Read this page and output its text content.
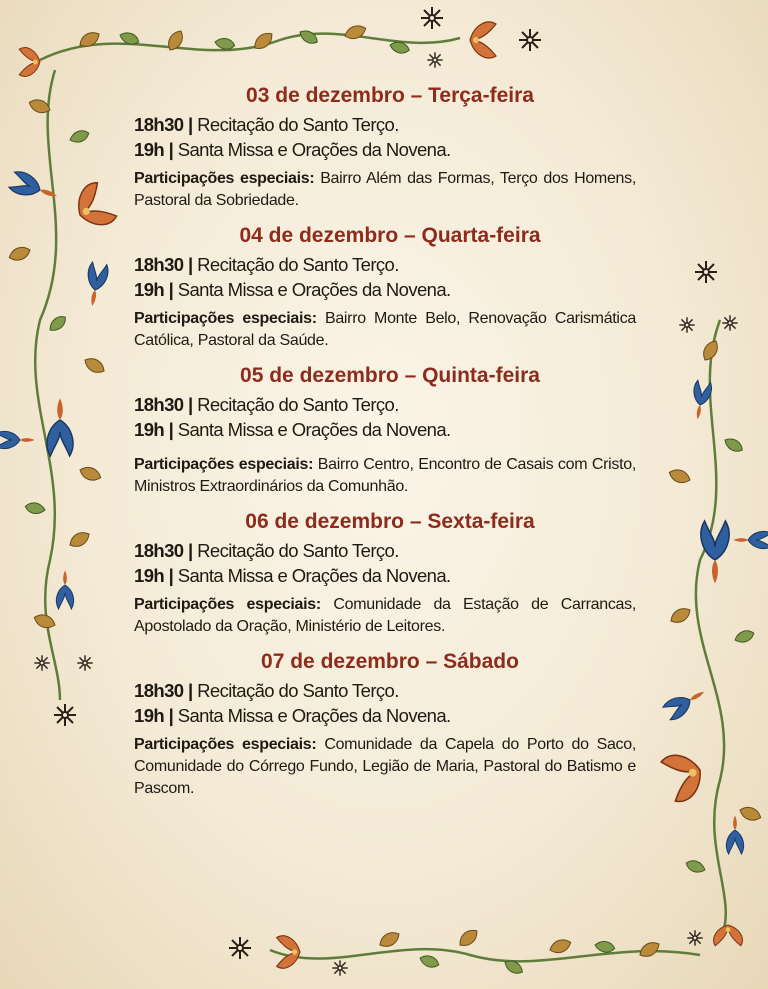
03 de dezembro – Terça-feira
18h30 | Recitação do Santo Terço.
19h | Santa Missa e Orações da Novena.
Participações especiais: Bairro Além das Formas, Terço dos Homens, Pastoral da Sobriedade.
04 de dezembro – Quarta-feira
18h30 | Recitação do Santo Terço.
19h | Santa Missa e Orações da Novena.
Participações especiais: Bairro Monte Belo, Renovação Carismática Católica, Pastoral da Saúde.
05 de dezembro – Quinta-feira
18h30 | Recitação do Santo Terço.
19h | Santa Missa e Orações da Novena.
Participações especiais: Bairro Centro, Encontro de Casais com Cristo, Ministros Extraordinários da Comunhão.
06 de dezembro – Sexta-feira
18h30 | Recitação do Santo Terço.
19h | Santa Missa e Orações da Novena.
Participações especiais: Comunidade da Estação de Carrancas, Apostolado da Oração, Ministério de Leitores.
07 de dezembro – Sábado
18h30 | Recitação do Santo Terço.
19h | Santa Missa e Orações da Novena.
Participações especiais: Comunidade da Capela do Porto do Saco, Comunidade do Córrego Fundo, Legião de Maria, Pastoral do Batismo e Pascom.
